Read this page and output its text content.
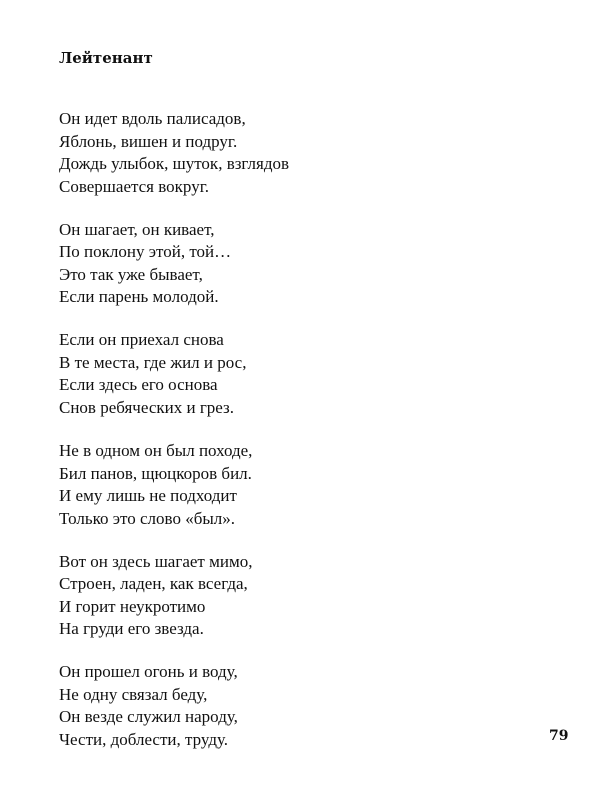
Лейтенант
Он идет вдоль палисадов,
Яблонь, вишен и подруг.
Дождь улыбок, шуток, взглядов
Совершается вокруг.
Он шагает, он кивает,
По поклону этой, той…
Это так уже бывает,
Если парень молодой.
Если он приехал снова
В те места, где жил и рос,
Если здесь его основа
Снов ребяческих и грез.
Не в одном он был походе,
Бил панов, щюцкоров бил.
И ему лишь не подходит
Только это слово «был».
Вот он здесь шагает мимо,
Строен, ладен, как всегда,
И горит неукротимо
На груди его звезда.
Он прошел огонь и воду,
Не одну связал беду,
Он везде служил народу,
Чести, доблести, труду.	79
